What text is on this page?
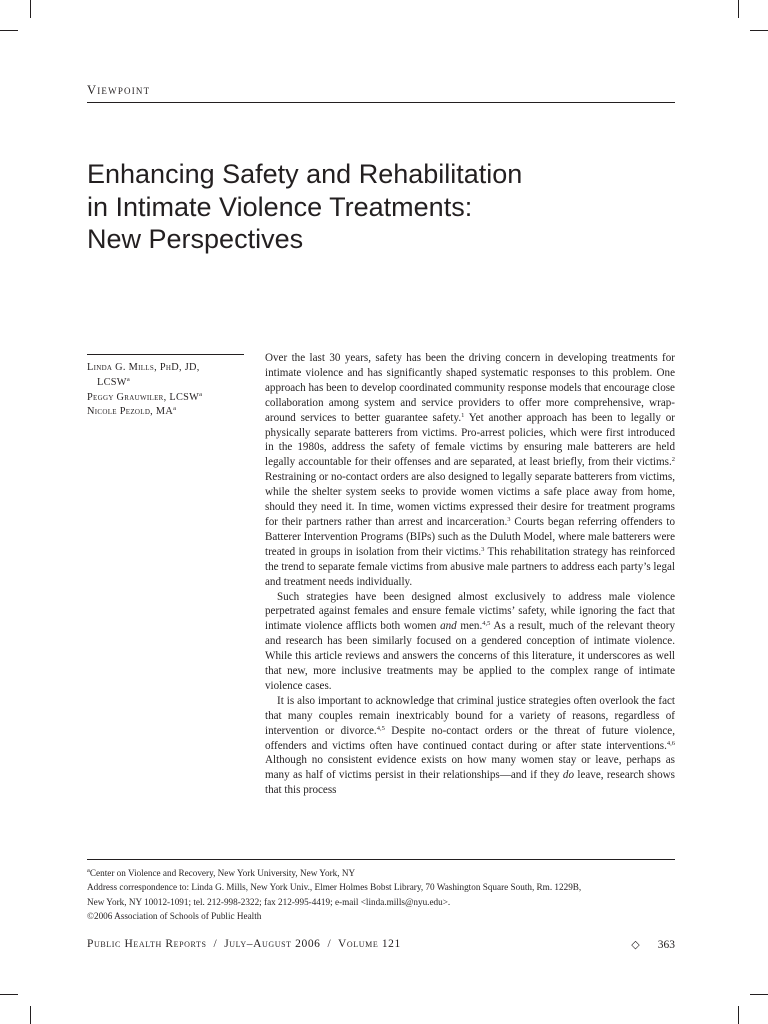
Viewpoint
Enhancing Safety and Rehabilitation
in Intimate Violence Treatments:
New Perspectives
Linda G. Mills, PhD, JD,
LCSW$^a$
Peggy Grauwiler, LCSW$^a$
Nicole Pezold, $MA^a$

Over the last 30 years, safety has been the driving concern in developing treatments for intimate violence and has significantly shaped systematic responses to this problem. One approach has been to develop coordinated community response models that encourage close collaboration among system and service providers to offer more comprehensive, wrap-around services to better guarantee safety.$^1$ Yet another approach has been to legally or physically separate batterers from victims. Pro-arrest policies, which were first introduced in the 1980s, address the safety of female victims by ensuring male batterers are held legally accountable for their offenses and are separated, at least briefly, from their victims.$^2$ Restraining or no-contact orders are also designed to legally separate batterers from victims, while the shelter system seeks to provide women victims a safe place away from home, should they need it. In time, women victims expressed their desire for treatment programs for their partners rather than arrest and incarceration.$^3$ Courts began referring offenders to Batterer Intervention Programs (BIPs) such as the Duluth Model, where male batterers were treated in groups in isolation from their victims.$^3$ This rehabilitation strategy has reinforced the trend to separate female victims from abusive male partners to address each party’s legal and treatment needs individually.

Such strategies have been designed almost exclusively to address male violence perpetrated against females and ensure female victims’ safety, while ignoring the fact that intimate violence afflicts both women and men.$^{4,5}$ As a result, much of the relevant theory and research has been similarly focused on a gendered conception of intimate violence. While this article reviews and answers the concerns of this literature, it underscores as well that new, more inclusive treatments may be applied to the complex range of intimate violence cases.

It is also important to acknowledge that criminal justice strategies often overlook the fact that many couples remain inextricably bound for a variety of reasons, regardless of intervention or divorce.$^{4,5}$ Despite no-contact orders or the threat of future violence, offenders and victims often have continued contact during or after state interventions.$^{4,6}$ Although no consistent evidence exists on how many women stay or leave, perhaps as many as half of victims persist in their relationships—and if they do leave, research shows that this process

$^a$Center on Violence and Recovery, New York University, New York, NY
Address correspondence to: Linda G. Mills, New York Univ., Elmer Holmes Bobst Library, 70 Washington Square South, Rm. 1229B,
New York, NY 10012-1091; tel. 212-998-2322; fax 212-995-4419; e-mail <linda.mills@nyu.edu>.
©2006 Association of Schools of Public Health
Public Health Reports  /  July–August 2006  /  Volume 121	◇ 363
